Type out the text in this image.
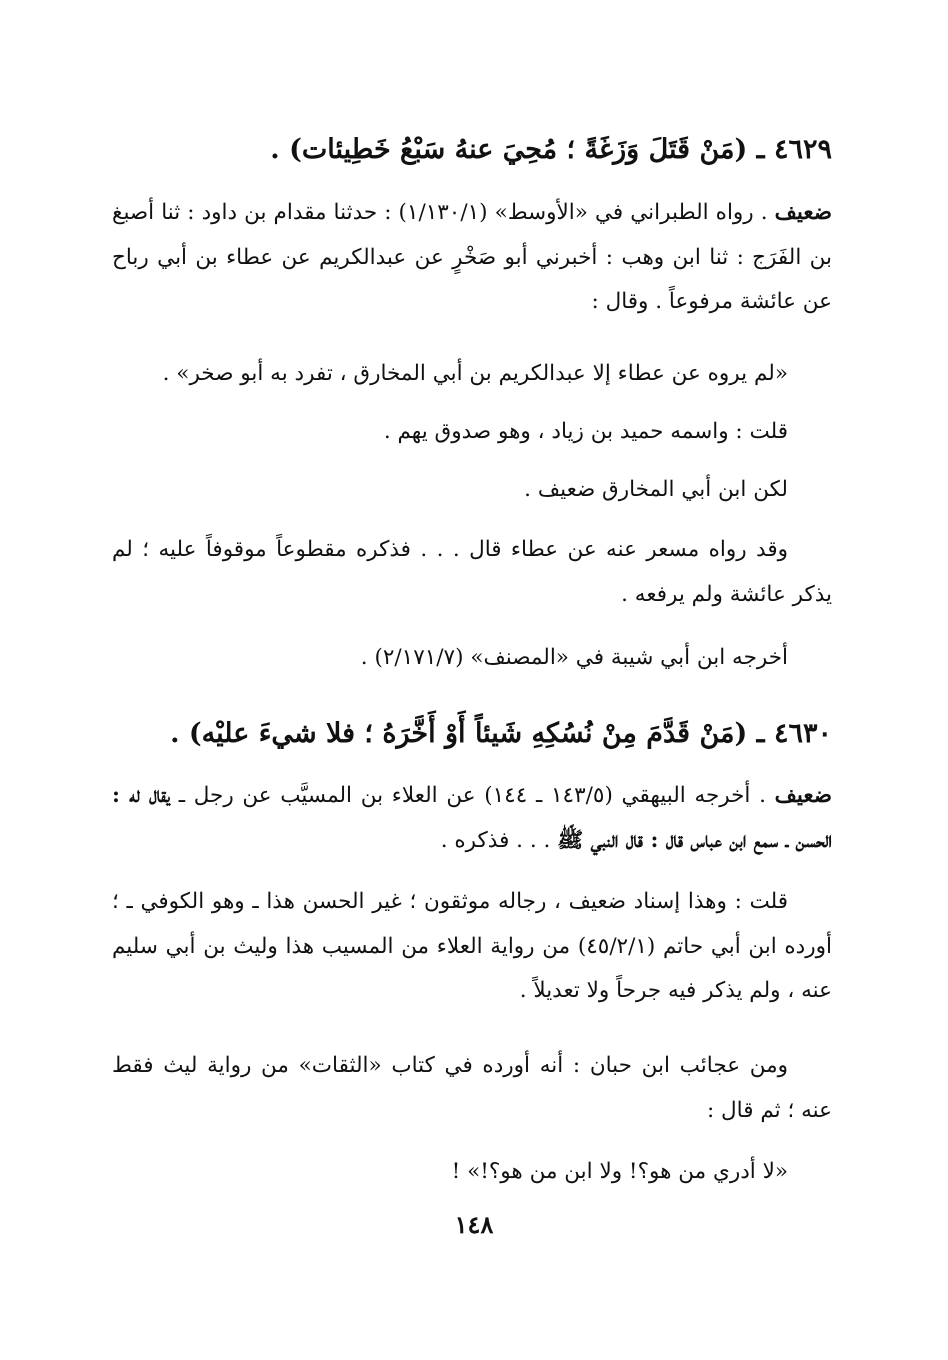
٤٦٢٩ ـ (مَنْ قَتَلَ وَزَغَةً ؛ مُحِيَ عنهُ سَبْعُ خَطِيئات) .
ضعيف . رواه الطبراني في «الأوسط» (١/١٣٠/١) : حدثنا مقدام بن داود : ثنا أصبغ بن الفَرَج : ثنا ابن وهب : أخبرني أبو صَخْرٍ عن عبدالكريم عن عطاء بن أبي رباح عن عائشة مرفوعاً . وقال :
«لم يروه عن عطاء إلا عبدالكريم بن أبي المخارق ، تفرد به أبو صخر» .
قلت : واسمه حميد بن زياد ، وهو صدوق يهم .
لكن ابن أبي المخارق ضعيف .
وقد رواه مسعر عنه عن عطاء قال . . . فذكره مقطوعاً موقوفاً عليه ؛ لم يذكر عائشة ولم يرفعه .
أخرجه ابن أبي شيبة في «المصنف» (٢/١٧١/٧) .
٤٦٣٠ ـ (مَنْ قَدَّمَ مِنْ نُسُكِهِ شَيئاً أَوْ أَخَّرَهُ ؛ فلا شيءَ عليْه) .
ضعيف . أخرجه البيهقي (١٤٣/٥ ـ ١٤٤) عن العلاء بن المسيَّب عن رجل ـ يقال له : الحسن ـ سمع ابن عباس قال : قال النبي ﷺ . . . فذكره .
قلت : وهذا إسناد ضعيف ، رجاله موثقون ؛ غير الحسن هذا ـ وهو الكوفي ـ ؛ أورده ابن أبي حاتم (٤٥/٢/١) من رواية العلاء من المسيب هذا وليث بن أبي سليم عنه ، ولم يذكر فيه جرحاً ولا تعديلاً .
ومن عجائب ابن حبان : أنه أورده في كتاب «الثقات» من رواية ليث فقط عنه ؛ ثم قال :
«لا أدري من هو؟! ولا ابن من هو؟!» !
١٤٨
